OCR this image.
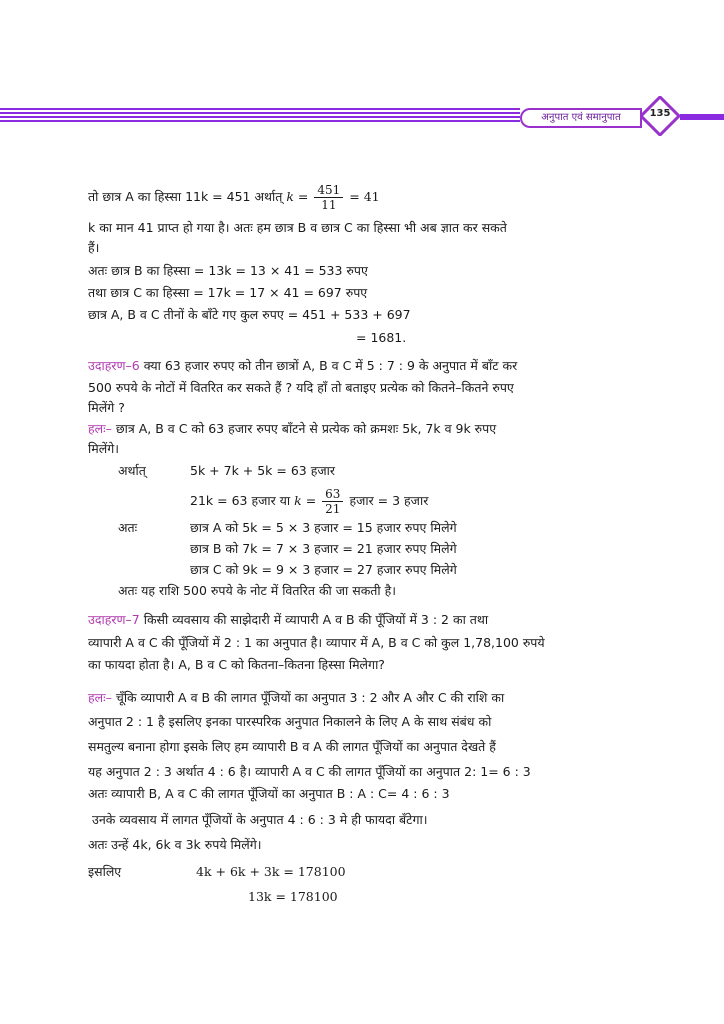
अनुपात एवं समानुपात	135
तो छात्र A का हिस्सा 11k = 451 अर्थात् $k = \frac{451}{11} = 41$
k का मान 41 प्राप्त हो गया है। अतः हम छात्र B व छात्र C का हिस्सा भी अब ज्ञात कर सकते
हैं।
अतः छात्र B का हिस्सा = 13k = 13 × 41 = 533 रुपए
तथा छात्र C का हिस्सा = 17k = 17 × 41 = 697 रुपए
छात्र A, B व C तीनों के बाँटे गए कुल रुपए = 451 + 533 + 697
= 1681.
उदाहरण–6 क्या 63 हजार रुपए को तीन छात्रों A, B व C में 5 : 7 : 9 के अनुपात में बाँट कर
500 रुपये के नोटों में वितरित कर सकते हैं ? यदि हाँ तो बताइए प्रत्येक को कितने–कितने रुपए
मिलेंगे ?
हलः– छात्र A, B व C को 63 हजार रुपए बाँटने से प्रत्येक को क्रमशः 5k, 7k व 9k रुपए
मिलेंगे।
अर्थात्	5k + 7k + 5k = 63 हजार
21k = 63 हजार या $k = \frac{63}{21}$ हजार = 3 हजार
अतः	छात्र A को 5k = 5 × 3 हजार = 15 हजार रुपए मिलेगे
छात्र B को 7k = 7 × 3 हजार = 21 हजार रुपए मिलेगे
छात्र C को 9k = 9 × 3 हजार = 27 हजार रुपए मिलेगे
अतः यह राशि 500 रुपये के नोट में वितरित की जा सकती है।
उदाहरण–7 किसी व्यवसाय की साझेदारी में व्यापारी A व B की पूँजियों में 3 : 2 का तथा
व्यापारी A व C की पूँजियों में 2 : 1 का अनुपात है। व्यापार में A, B व C को कुल 1,78,100 रुपये
का फायदा होता है। A, B व C को कितना–कितना हिस्सा मिलेगा?
हलः– चूँकि व्यापारी A व B की लागत पूँजियों का अनुपात 3 : 2 और A और C की राशि का
अनुपात 2 : 1 है इसलिए इनका पारस्परिक अनुपात निकालने के लिए A के साथ संबंध को
समतुल्य बनाना होगा इसके लिए हम व्यापारी B व A की लागत पूँजियों का अनुपात देखते हैं
यह अनुपात 2 : 3 अर्थात 4 : 6 है। व्यापारी A व C की लागत पूँजियों का अनुपात 2: 1= 6 : 3
अतः व्यापारी B, A व C की लागत पूँजियों का अनुपात B : A : C= 4 : 6 : 3
उनके व्यवसाय में लागत पूँजियों के अनुपात 4 : 6 : 3 मे ही फायदा बँटेगा।
अतः उन्हें 4k, 6k व 3k रुपये मिलेंगे।
इसलिए	4k + 6k + 3k = 178100
13k = 178100
